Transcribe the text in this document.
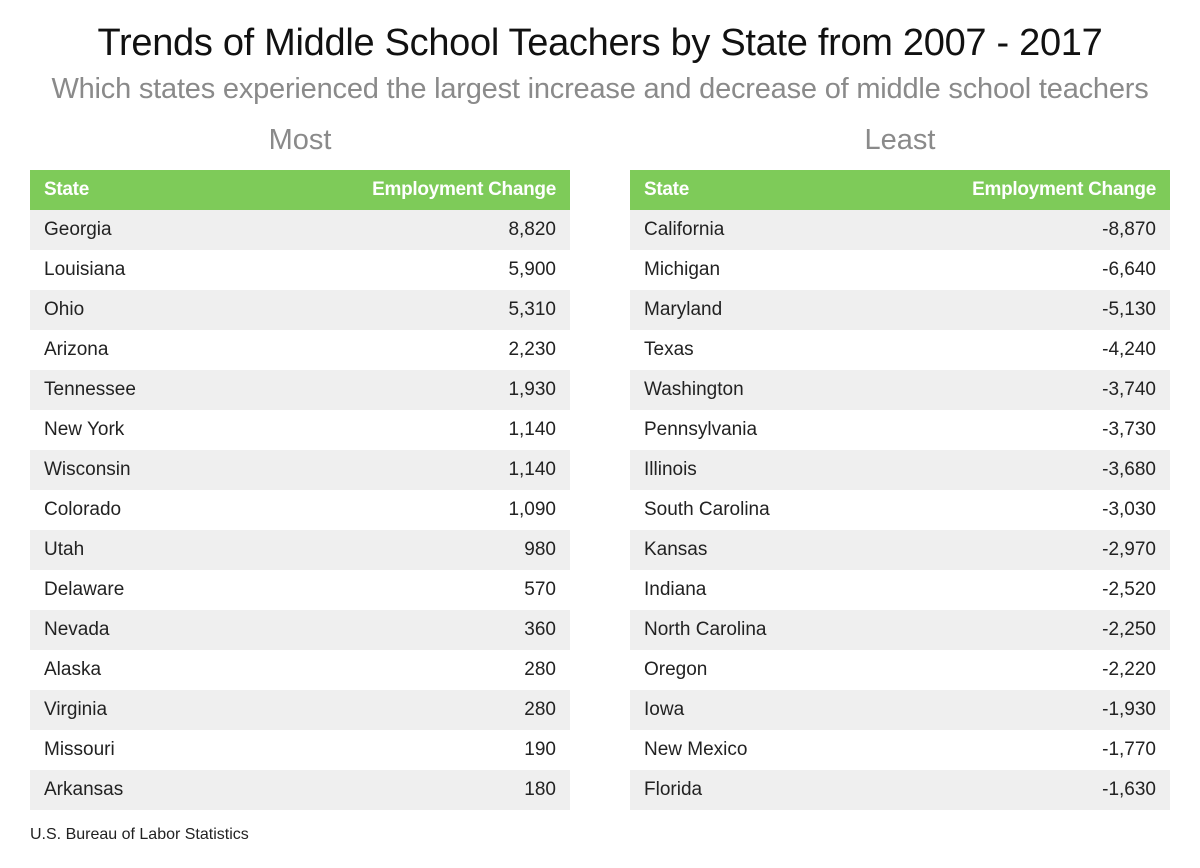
Trends of Middle School Teachers by State from 2007 - 2017
Which states experienced the largest increase and decrease of middle school teachers
Most
State	Employment Change
Georgia	8,820
Louisiana	5,900
Ohio	5,310
Arizona	2,230
Tennessee	1,930
New York	1,140
Wisconsin	1,140
Colorado	1,090
Utah	980
Delaware	570
Nevada	360
Alaska	280
Virginia	280
Missouri	190
Arkansas	180
Least
State	Employment Change
California	-8,870
Michigan	-6,640
Maryland	-5,130
Texas	-4,240
Washington	-3,740
Pennsylvania	-3,730
Illinois	-3,680
South Carolina	-3,030
Kansas	-2,970
Indiana	-2,520
North Carolina	-2,250
Oregon	-2,220
Iowa	-1,930
New Mexico	-1,770
Florida	-1,630
U.S. Bureau of Labor Statistics
